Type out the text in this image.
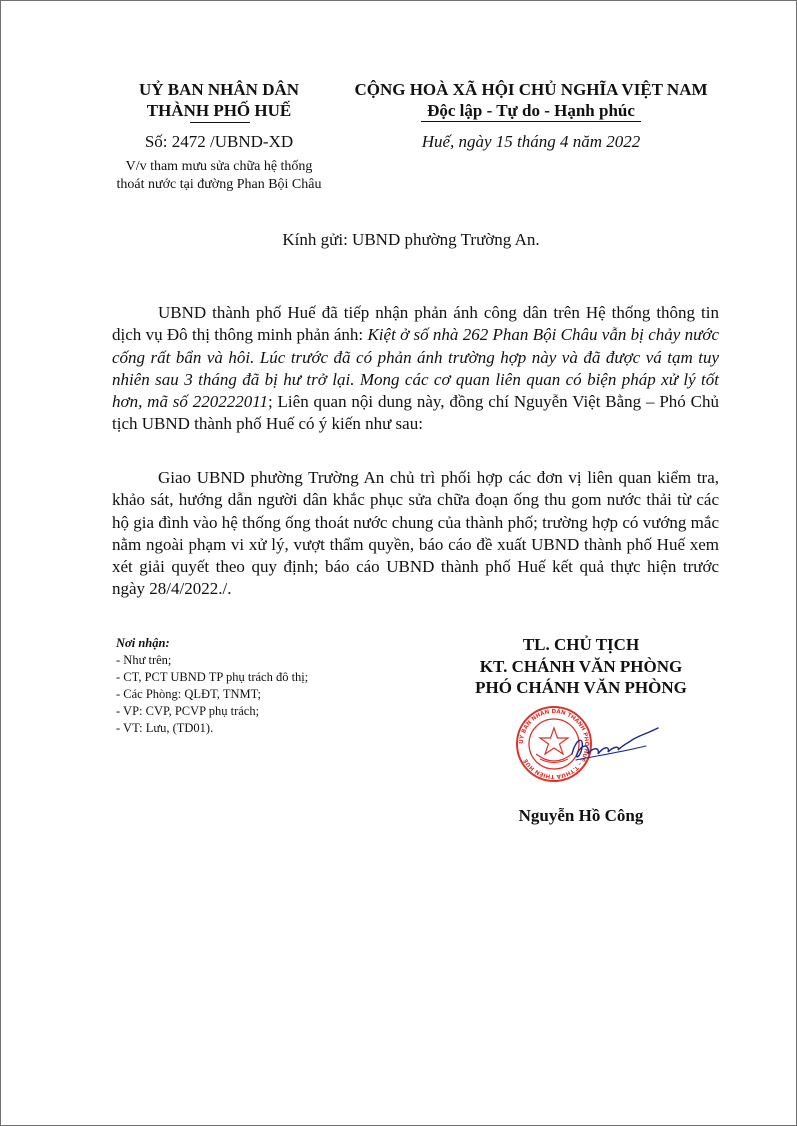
UỶ BAN NHÂN DÂN
THÀNH PHỐ HUẾ
Số: 2472 /UBND-XD
V/v tham mưu sửa chữa hệ thống
thoát nước tại đường Phan Bội Châu
CỘNG HOÀ XÃ HỘI CHỦ NGHĨA VIỆT NAM
Độc lập - Tự do - Hạnh phúc
Huế, ngày 15 tháng 4 năm 2022
Kính gửi: UBND phường Trường An.
UBND thành phố Huế đã tiếp nhận phản ánh công dân trên Hệ thống thông tin dịch vụ Đô thị thông minh phản ánh: Kiệt ở số nhà 262 Phan Bội Châu vẫn bị chảy nước cống rất bẩn và hôi. Lúc trước đã có phản ánh trường hợp này và đã được vá tạm tuy nhiên sau 3 tháng đã bị hư trở lại. Mong các cơ quan liên quan có biện pháp xử lý tốt hơn, mã số 220222011; Liên quan nội dung này, đồng chí Nguyễn Việt Bằng – Phó Chủ tịch UBND thành phố Huế có ý kiến như sau:
Giao UBND phường Trường An chủ trì phối hợp các đơn vị liên quan kiểm tra, khảo sát, hướng dẫn người dân khắc phục sửa chữa đoạn ống thu gom nước thải từ các hộ gia đình vào hệ thống ống thoát nước chung của thành phố; trường hợp có vướng mắc nằm ngoài phạm vi xử lý, vượt thẩm quyền, báo cáo đề xuất UBND thành phố Huế xem xét giải quyết theo quy định; báo cáo UBND thành phố Huế kết quả thực hiện trước ngày 28/4/2022./.
Nơi nhận:
- Như trên;
- CT, PCT UBND TP phụ trách đô thị;
- Các Phòng: QLĐT, TNMT;
- VP: CVP, PCVP phụ trách;
- VT: Lưu, (TD01).
TL. CHỦ TỊCH
KT. CHÁNH VĂN PHÒNG
PHÓ CHÁNH VĂN PHÒNG
ỦY BAN NHÂN DÂN THÀNH PHỐ HUẾ - T.THỪA THIÊN HUẾ
Nguyễn Hồ Công
